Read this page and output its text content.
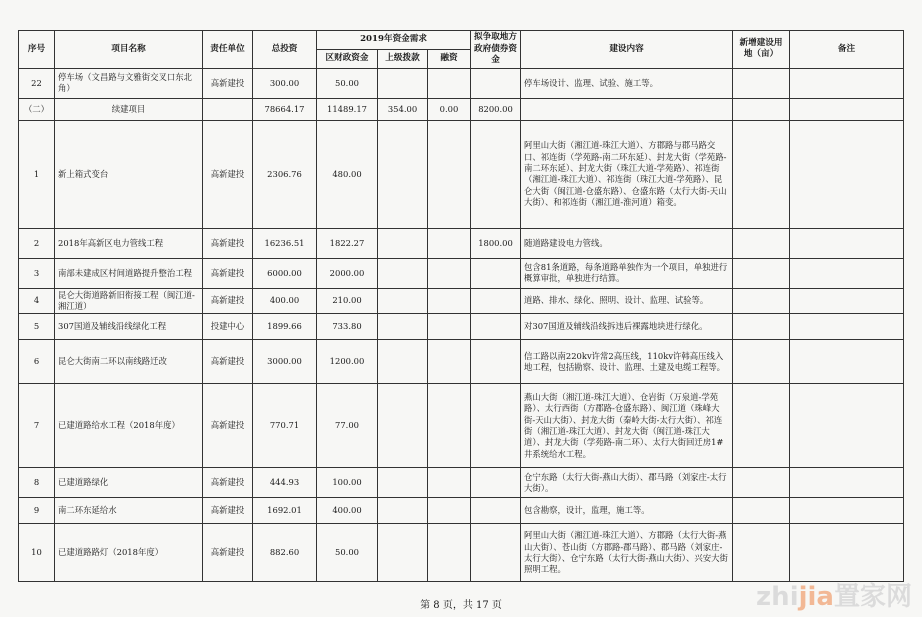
序号	项目名称	责任单位	总投资	2019年资金需求			拟争取地方政府债券资金	建设内容	新增建设用地（亩）	备注
				区财政资金	上级拨款	融资				
22	停车场（文昌路与文雅街交叉口东北角）	高新建投	300.00	50.00				停车场设计、监理、试验、施工等。		
（二）	续建项目		78664.17	11489.17	354.00	0.00	8200.00			
1	新上箱式变台	高新建投	2306.76	480.00				阿里山大街（湘江道-珠江大道）、方郡路与郡马路交口、祁连街（学苑路-南二环东延）、封龙大街（学苑路-南二环东延）、封龙大街（珠江大道-学苑路）、祁连街（湘江道-珠江大道）、祁连街（珠江大道-学苑路）、昆仑大街（闽江道-仓盛东路）、仓盛东路（太行大街-天山大街）、和祁连街（湘江道-淮河道）箱变。		
2	2018年高新区电力管线工程	高新建投	16236.51	1822.27			1800.00	随道路建设电力管线。		
3	南部未建成区村间道路提升整治工程	高新建投	6000.00	2000.00				包含81条道路，每条道路单独作为一个项目，单独进行概算审批，单独进行结算。		
4	昆仑大街道路新旧衔接工程（闽江道-湘江道）	高新建投	400.00	210.00				道路、排水、绿化、照明、设计、监理、试验等。		
5	307国道及辅线沿线绿化工程	投建中心	1899.66	733.80				对307国道及辅线沿线拆违后裸露地块进行绿化。		
6	昆仑大街南二环以南线路迁改	高新建投	3000.00	1200.00				信工路以南220kv许常2高压线，110kv许韩高压线入地工程，包括勘察、设计、监理、土建及电缆工程等。		
7	已建道路给水工程（2018年度）	高新建投	770.71	77.00				燕山大街（湘江道-珠江大道）、仓岩街（万泉道-学苑路）、太行西街（方郡路-仓盛东路）、闽江道（珠峰大街-天山大街）、封龙大街（秦岭大街-太行大街）、祁连街（湘江道-珠江大道）、封龙大街（闽江道-珠江大道）、封龙大街（学苑路-南二环）、太行大街回迁房1#井系统给水工程。		
8	已建道路绿化	高新建投	444.93	100.00				仓宁东路（太行大街-燕山大街）、郡马路（刘家庄-太行大街）。		
9	南二环东延给水	高新建投	1692.01	400.00				包含勘察，设计，监理，施工等。		
10	已建道路路灯（2018年度）	高新建投	882.60	50.00				阿里山大街（湘江道-珠江大道）、方郡路（太行大街-燕山大街）、苍山街（方郡路-郡马路）、郡马路（刘家庄-太行大街）、仓宁东路（太行大街-燕山大街）、兴安大街照明工程。		
第 8 页，共 17 页	zhijia置家网
